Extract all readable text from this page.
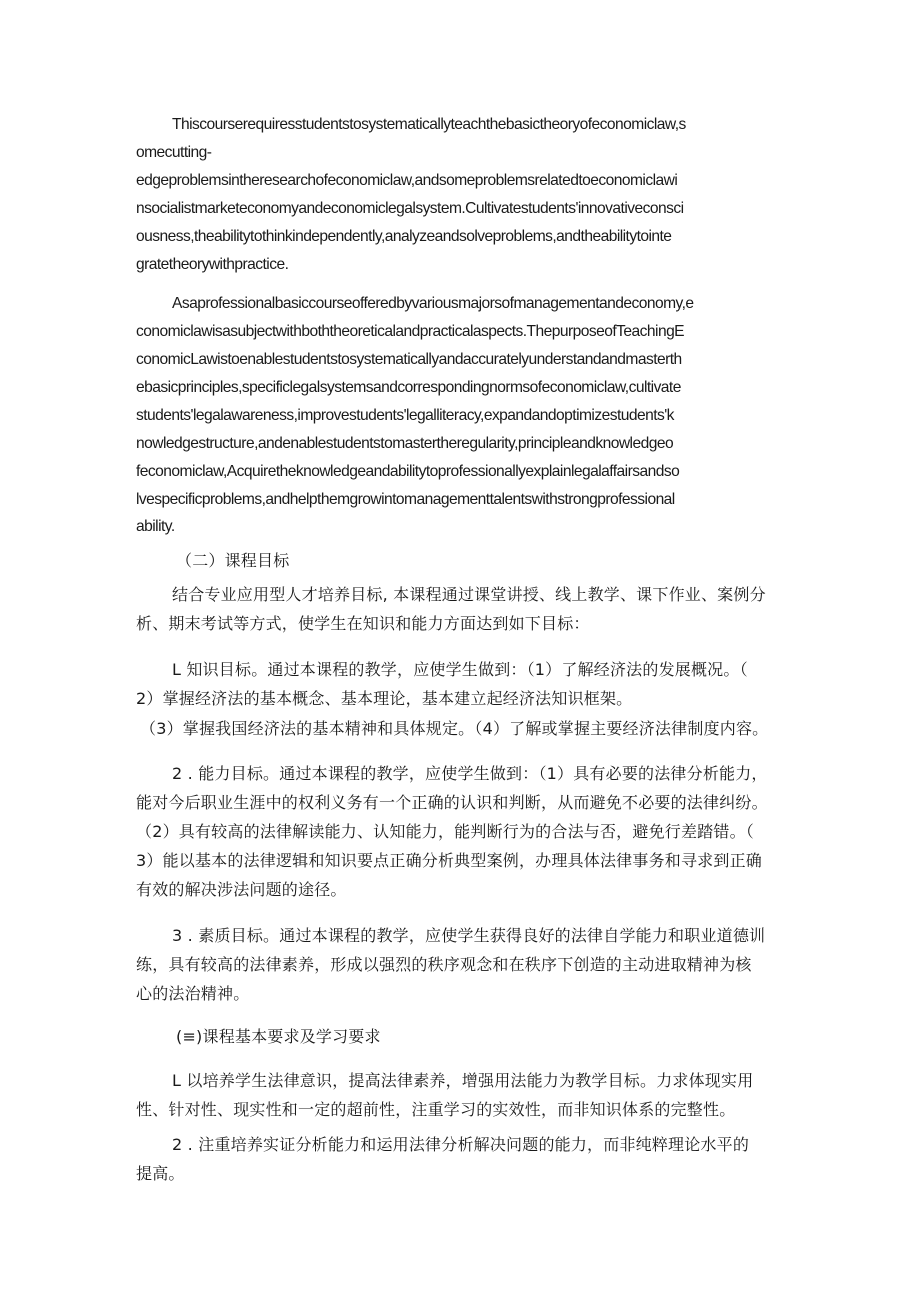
Thiscourserequiresstudentstosystematicallyteachthebasictheoryofeconomiclaw,s
omecutting-
edgeproblemsintheresearchofeconomiclaw,andsomeproblemsrelatedtoeconomiclawi
nsocialistmarketeconomyandeconomiclegalsystem.Cultivatestudents'innovativeconsci
ousness,theabilitytothinkindependently,analyzeandsolveproblems,andtheabilitytointe
gratetheorywithpractice.
Asaprofessionalbasiccourseofferedbyvariousmajorsofmanagementandeconomy,e
conomiclawisasubjectwithboththeoreticalandpracticalaspects.ThepurposeofTeachingE
conomicLawistoenablestudentstosystematicallyandaccuratelyunderstandandmasterth
ebasicprinciples,specificlegalsystemsandcorrespondingnormsofeconomiclaw,cultivate
students'legalawareness,improvestudents'legalliteracy,expandandoptimizestudents'k
nowledgestructure,andenablestudentstomastertheregularity,principleandknowledgeo
feconomiclaw,Acquiretheknowledgeandabilitytoprofessionallyexplainlegalaffairsandso
lvespecificproblems,andhelpthemgrowintomanagementtalentswithstrongprofessional
ability.
（二）课程目标
结合专业应用型人才培养目标, 本课程通过课堂讲授、线上教学、课下作业、案例分
析、期末考试等方式，使学生在知识和能力方面达到如下目标：
L 知识目标。通过本课程的教学，应使学生做到：（1）了解经济法的发展概况。（
2）掌握经济法的基本概念、基本理论，基本建立起经济法知识框架。
（3）掌握我国经济法的基本精神和具体规定。（4）了解或掌握主要经济法律制度内容。
2 . 能力目标。通过本课程的教学，应使学生做到：（1）具有必要的法律分析能力，
能对今后职业生涯中的权利义务有一个正确的认识和判断，从而避免不必要的法律纠纷。
（2）具有较高的法律解读能力、认知能力，能判断行为的合法与否，避免行差踏错。（
3）能以基本的法律逻辑和知识要点正确分析典型案例，办理具体法律事务和寻求到正确
有效的解决涉法问题的途径。
3 . 素质目标。通过本课程的教学，应使学生获得良好的法律自学能力和职业道德训
练，具有较高的法律素养，形成以强烈的秩序观念和在秩序下创造的主动进取精神为核
心的法治精神。
(≡)课程基本要求及学习要求
L 以培养学生法律意识，提高法律素养，增强用法能力为教学目标。力求体现实用
性、针对性、现实性和一定的超前性，注重学习的实效性，而非知识体系的完整性。
2 . 注重培养实证分析能力和运用法律分析解决问题的能力，而非纯粹理论水平的
提高。
